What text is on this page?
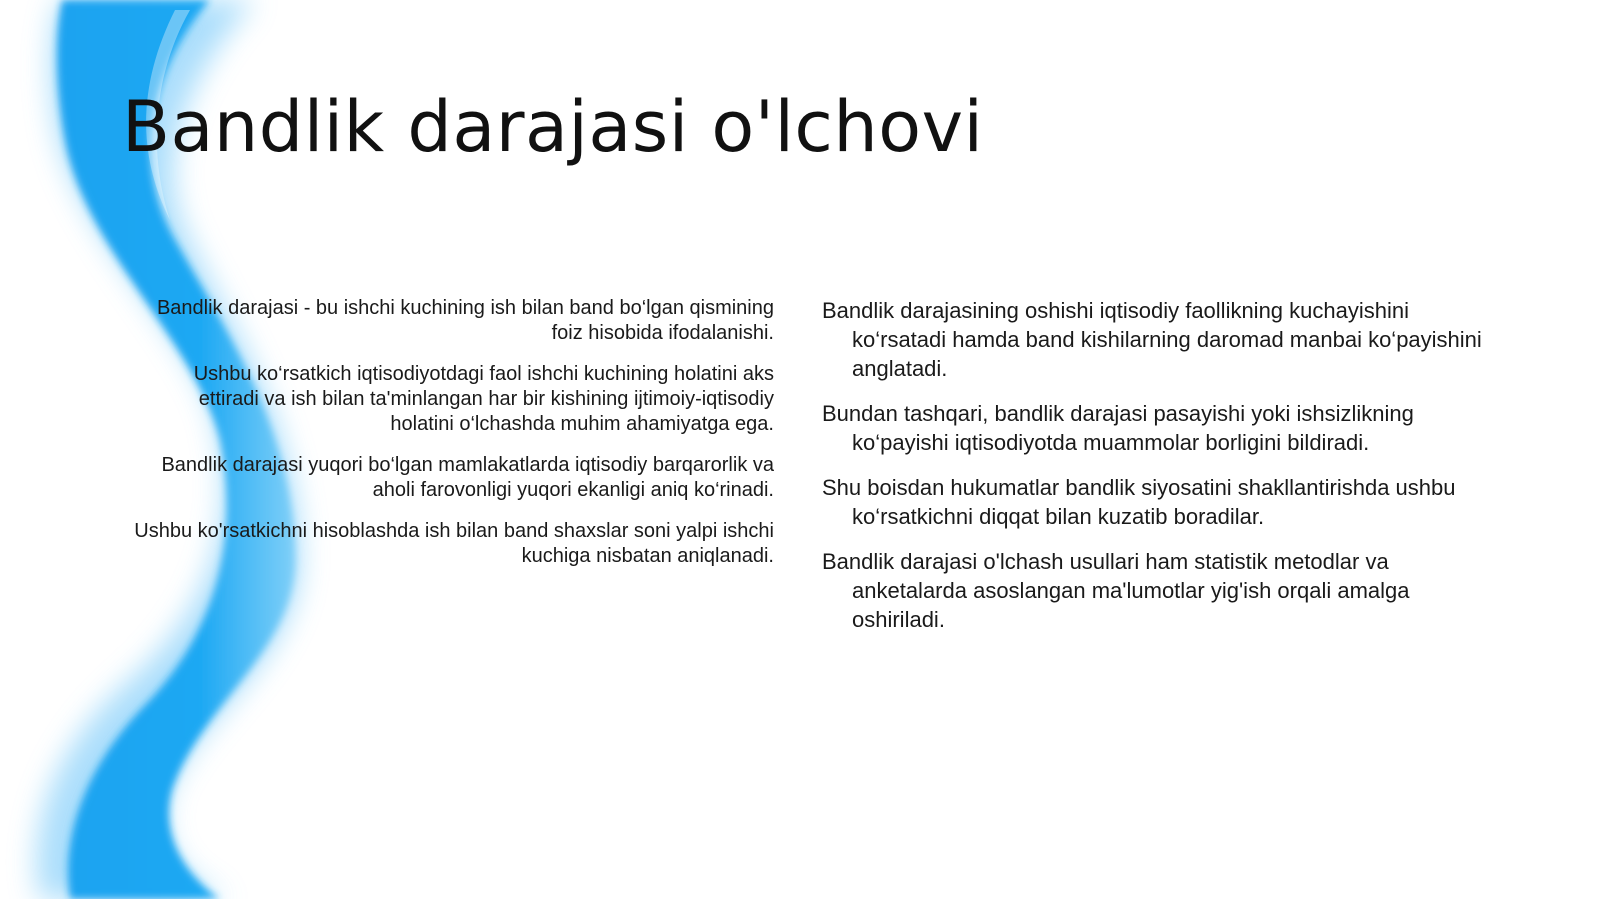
Bandlik darajasi o'lchovi

Bandlik darajasi - bu ishchi kuchining ish bilan band bo‘lgan qismining foiz hisobida ifodalanishi.

Ushbu ko‘rsatkich iqtisodiyotdagi faol ishchi kuchining holatini aks ettiradi va ish bilan ta'minlangan har bir kishining ijtimoiy-iqtisodiy holatini o‘lchashda muhim ahamiyatga ega.

Bandlik darajasi yuqori bo‘lgan mamlakatlarda iqtisodiy barqarorlik va aholi farovonligi yuqori ekanligi aniq ko‘rinadi.

Ushbu ko'rsatkichni hisoblashda ish bilan band shaxslar soni yalpi ishchi kuchiga nisbatan aniqlanadi.

Bandlik darajasining oshishi iqtisodiy faollikning kuchayishini ko‘rsatadi hamda band kishilarning daromad manbai ko‘payishini anglatadi.

Bundan tashqari, bandlik darajasi pasayishi yoki ishsizlikning ko‘payishi iqtisodiyotda muammolar borligini bildiradi.

Shu boisdan hukumatlar bandlik siyosatini shakllantirishda ushbu ko‘rsatkichni diqqat bilan kuzatib boradilar.

Bandlik darajasi o'lchash usullari ham statistik metodlar va anketalarda asoslangan ma'lumotlar yig'ish orqali amalga oshiriladi.
